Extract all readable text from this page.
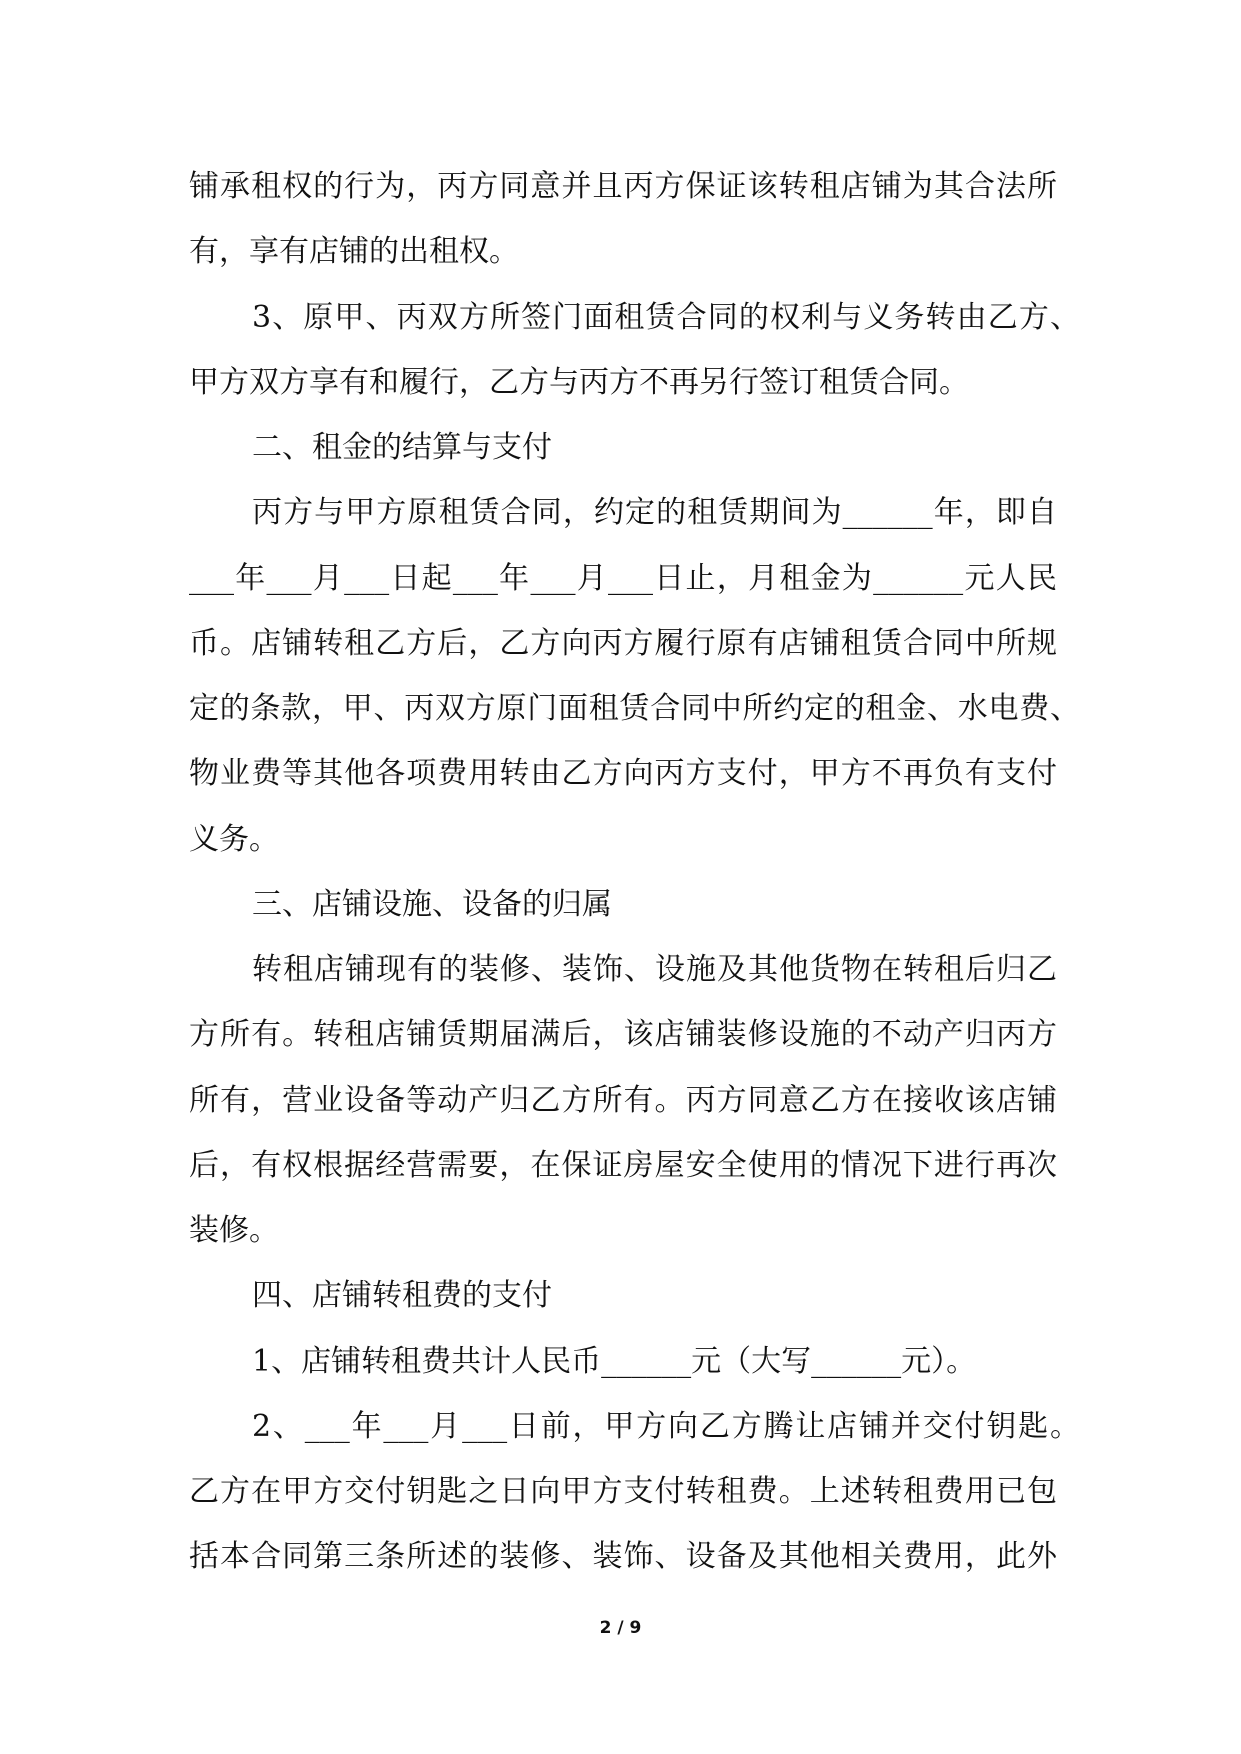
铺承租权的行为，丙方同意并且丙方保证该转租店铺为其合法所
有，享有店铺的出租权。
3、原甲、丙双方所签门面租赁合同的权利与义务转由乙方、
甲方双方享有和履行，乙方与丙方不再另行签订租赁合同。
二、租金的结算与支付
丙方与甲方原租赁合同，约定的租赁期间为______年，即自
___年___月___日起___年___月___日止，月租金为______元人民
币。店铺转租乙方后，乙方向丙方履行原有店铺租赁合同中所规
定的条款，甲、丙双方原门面租赁合同中所约定的租金、水电费、
物业费等其他各项费用转由乙方向丙方支付，甲方不再负有支付
义务。
三、店铺设施、设备的归属
转租店铺现有的装修、装饰、设施及其他货物在转租后归乙
方所有。转租店铺赁期届满后，该店铺装修设施的不动产归丙方
所有，营业设备等动产归乙方所有。丙方同意乙方在接收该店铺
后，有权根据经营需要，在保证房屋安全使用的情况下进行再次
装修。
四、店铺转租费的支付
1、店铺转租费共计人民币______元（大写______元）。
2、___年___月___日前，甲方向乙方腾让店铺并交付钥匙。
乙方在甲方交付钥匙之日向甲方支付转租费。上述转租费用已包
括本合同第三条所述的装修、装饰、设备及其他相关费用，此外
2 / 9
